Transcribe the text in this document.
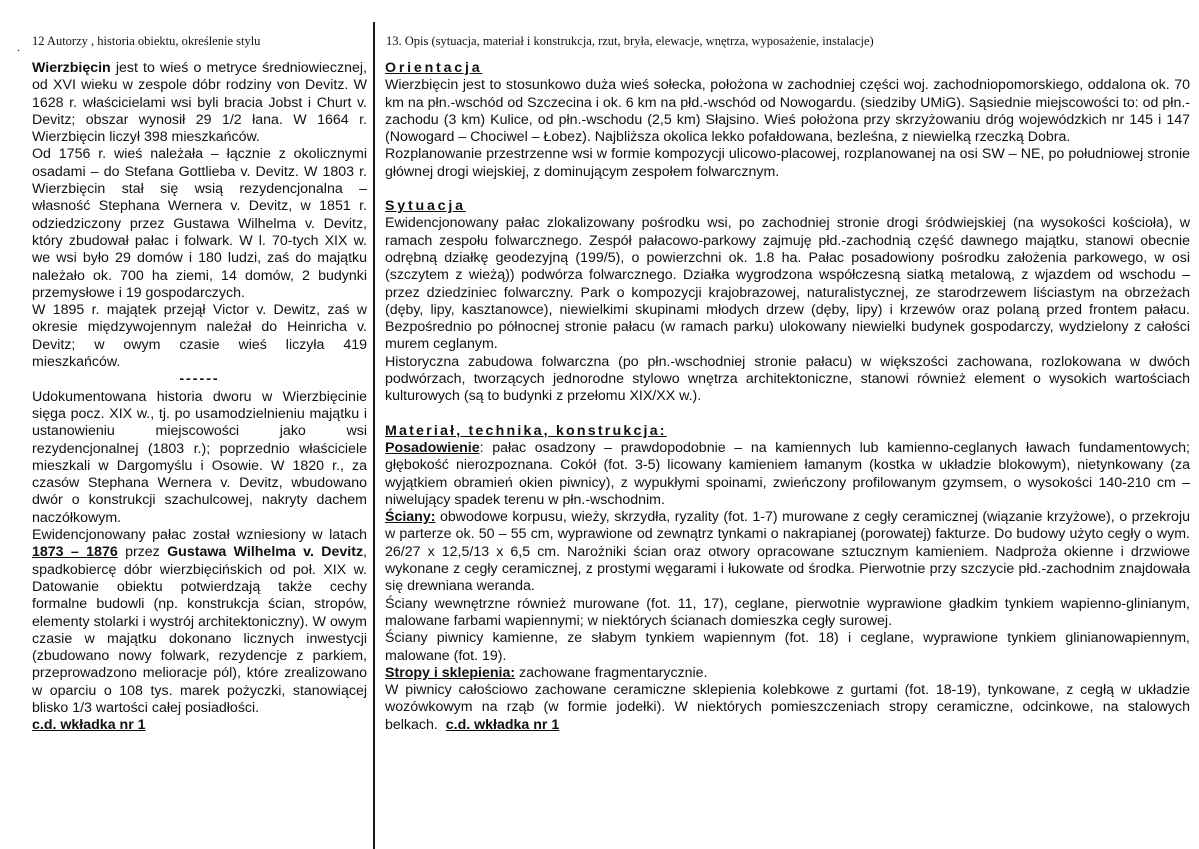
. 12 Autorzy , historia obiektu, określenie stylu	13. Opis (sytuacja, materiał i konstrukcja, rzut, bryła, elewacje, wnętrza, wyposażenie, instalacje)

Wierzbięcin jest to wieś o metryce średniowiecznej, od XVI wieku w zespole dóbr rodziny von Devitz. W 1628 r. właścicielami wsi byli bracia Jobst i Churt v. Devitz; obszar wynosił 29 1/2 łana. W 1664 r. Wierzbięcin liczył 398 mieszkańców.

Od 1756 r. wieś należała – łącznie z okolicznymi osadami – do Stefana Gottlieba v. Devitz. W 1803 r. Wierzbięcin stał się wsią rezydencjonalna – własność Stephana Wernera v. Devitz, w 1851 r. odziedziczony przez Gustawa Wilhelma v. Devitz, który zbudował pałac i folwark. W l. 70-tych XIX w. we wsi było 29 domów i 180 ludzi, zaś do majątku należało ok. 700 ha ziemi, 14 domów, 2 budynki przemysłowe i 19 gospodarczych.

W 1895 r. majątek przejął Victor v. Dewitz, zaś w okresie międzywojennym należał do Heinricha v. Devitz; w owym czasie wieś liczyła 419 mieszkańców.

------

Udokumentowana historia dworu w Wierzbięcinie sięga pocz. XIX w., tj. po usamodzielnieniu majątku i ustanowieniu miejscowości jako wsi rezydencjonalnej (1803 r.); poprzednio właściciele mieszkali w Dargomyślu i Osowie. W 1820 r., za czasów Stephana Wernera v. Devitz, wbudowano dwór o konstrukcji szachulcowej, nakryty dachem naczółkowym.

Ewidencjonowany pałac został wzniesiony w latach 1873 – 1876 przez Gustawa Wilhelma v. Devitz, spadkobiercę dóbr wierzbięcińskich od poł. XIX w. Datowanie obiektu potwierdzają także cechy formalne budowli (np. konstrukcja ścian, stropów, elementy stolarki i wystrój architektoniczny). W owym czasie w majątku dokonano licznych inwestycji (zbudowano nowy folwark, rezydencje z parkiem, przeprowadzono melioracje pól), które zrealizowano w oparciu o 108 tys. marek pożyczki, stanowiącej blisko 1/3 wartości całej posiadłości.

c.d. wkładka nr 1

Orientacja

Wierzbięcin jest to stosunkowo duża wieś sołecka, położona w zachodniej części woj. zachodniopomorskiego, oddalona ok. 70 km na płn.-wschód od Szczecina i ok. 6 km na płd.-wschód od Nowogardu. (siedziby UMiG). Sąsiednie miejscowości to: od płn.-zachodu (3 km) Kulice, od płn.-wschodu (2,5 km) Słajsino. Wieś położona przy skrzyżowaniu dróg wojewódzkich nr 145 i 147 (Nowogard – Chociwel – Łobez). Najbliższa okolica lekko pofałdowana, bezleśna, z niewielką rzeczką Dobra.

Rozplanowanie przestrzenne wsi w formie kompozycji ulicowo-placowej, rozplanowanej na osi SW – NE, po południowej stronie głównej drogi wiejskiej, z dominującym zespołem folwarcznym.

Sytuacja

Ewidencjonowany pałac zlokalizowany pośrodku wsi, po zachodniej stronie drogi śródwiejskiej (na wysokości kościoła), w ramach zespołu folwarcznego. Zespół pałacowo-parkowy zajmuję płd.-zachodnią część dawnego majątku, stanowi obecnie odrębną działkę geodezyjną (199/5), o powierzchni ok. 1.8 ha. Pałac posadowiony pośrodku założenia parkowego, w osi (szczytem z wieżą)) podwórza folwarcznego. Działka wygrodzona współczesną siatką metalową, z wjazdem od wschodu – przez dziedziniec folwarczny. Park o kompozycji krajobrazowej, naturalistycznej, ze starodrzewem liściastym na obrzeżach (dęby, lipy, kasztanowce), niewielkimi skupinami młodych drzew (dęby, lipy) i krzewów oraz polaną przed frontem pałacu. Bezpośrednio po północnej stronie pałacu (w ramach parku) ulokowany niewielki budynek gospodarczy, wydzielony z całości murem ceglanym.

Historyczna zabudowa folwarczna (po płn.-wschodniej stronie pałacu) w większości zachowana, rozlokowana w dwóch podwórzach, tworzących jednorodne stylowo wnętrza architektoniczne, stanowi również element o wysokich wartościach kulturowych (są to budynki z przełomu XIX/XX w.).

Materiał, technika, konstrukcja:

Posadowienie: pałac osadzony – prawdopodobnie – na kamiennych lub kamienno-ceglanych ławach fundamentowych; głębokość nierozpoznana. Cokół (fot. 3-5) licowany kamieniem łamanym (kostka w układzie blokowym), nietynkowany (za wyjątkiem obramień okien piwnicy), z wypukłymi spoinami, zwieńczony profilowanym gzymsem, o wysokości 140-210 cm – niwelujący spadek terenu w płn.-wschodnim.

Ściany: obwodowe korpusu, wieży, skrzydła, ryzality (fot. 1-7) murowane z cegły ceramicznej (wiązanie krzyżowe), o przekroju w parterze ok. 50 – 55 cm, wyprawione od zewnątrz tynkami o nakrapianej (porowatej) fakturze. Do budowy użyto cegły o wym. 26/27 x 12,5/13 x 6,5 cm. Narożniki ścian oraz otwory opracowane sztucznym kamieniem. Nadproża okienne i drzwiowe wykonane z cegły ceramicznej, z prostymi węgarami i łukowate od środka. Pierwotnie przy szczycie płd.-zachodnim znajdowała się drewniana weranda.

Ściany wewnętrzne również murowane (fot. 11, 17), ceglane, pierwotnie wyprawione gładkim tynkiem wapienno-glinianym, malowane farbami wapiennymi; w niektórych ścianach domieszka cegły surowej.

Ściany piwnicy kamienne, ze słabym tynkiem wapiennym (fot. 18) i ceglane, wyprawione tynkiem glinianowapiennym, malowane (fot. 19).

Stropy i sklepienia: zachowane fragmentarycznie.

W piwnicy całościowo zachowane ceramiczne sklepienia kolebkowe z gurtami (fot. 18-19), tynkowane, z cegłą w układzie wozówkowym na rząb (w formie jodełki). W niektórych pomieszczeniach stropy ceramiczne, odcinkowe, na stalowych belkach. c.d. wkładka nr 1
